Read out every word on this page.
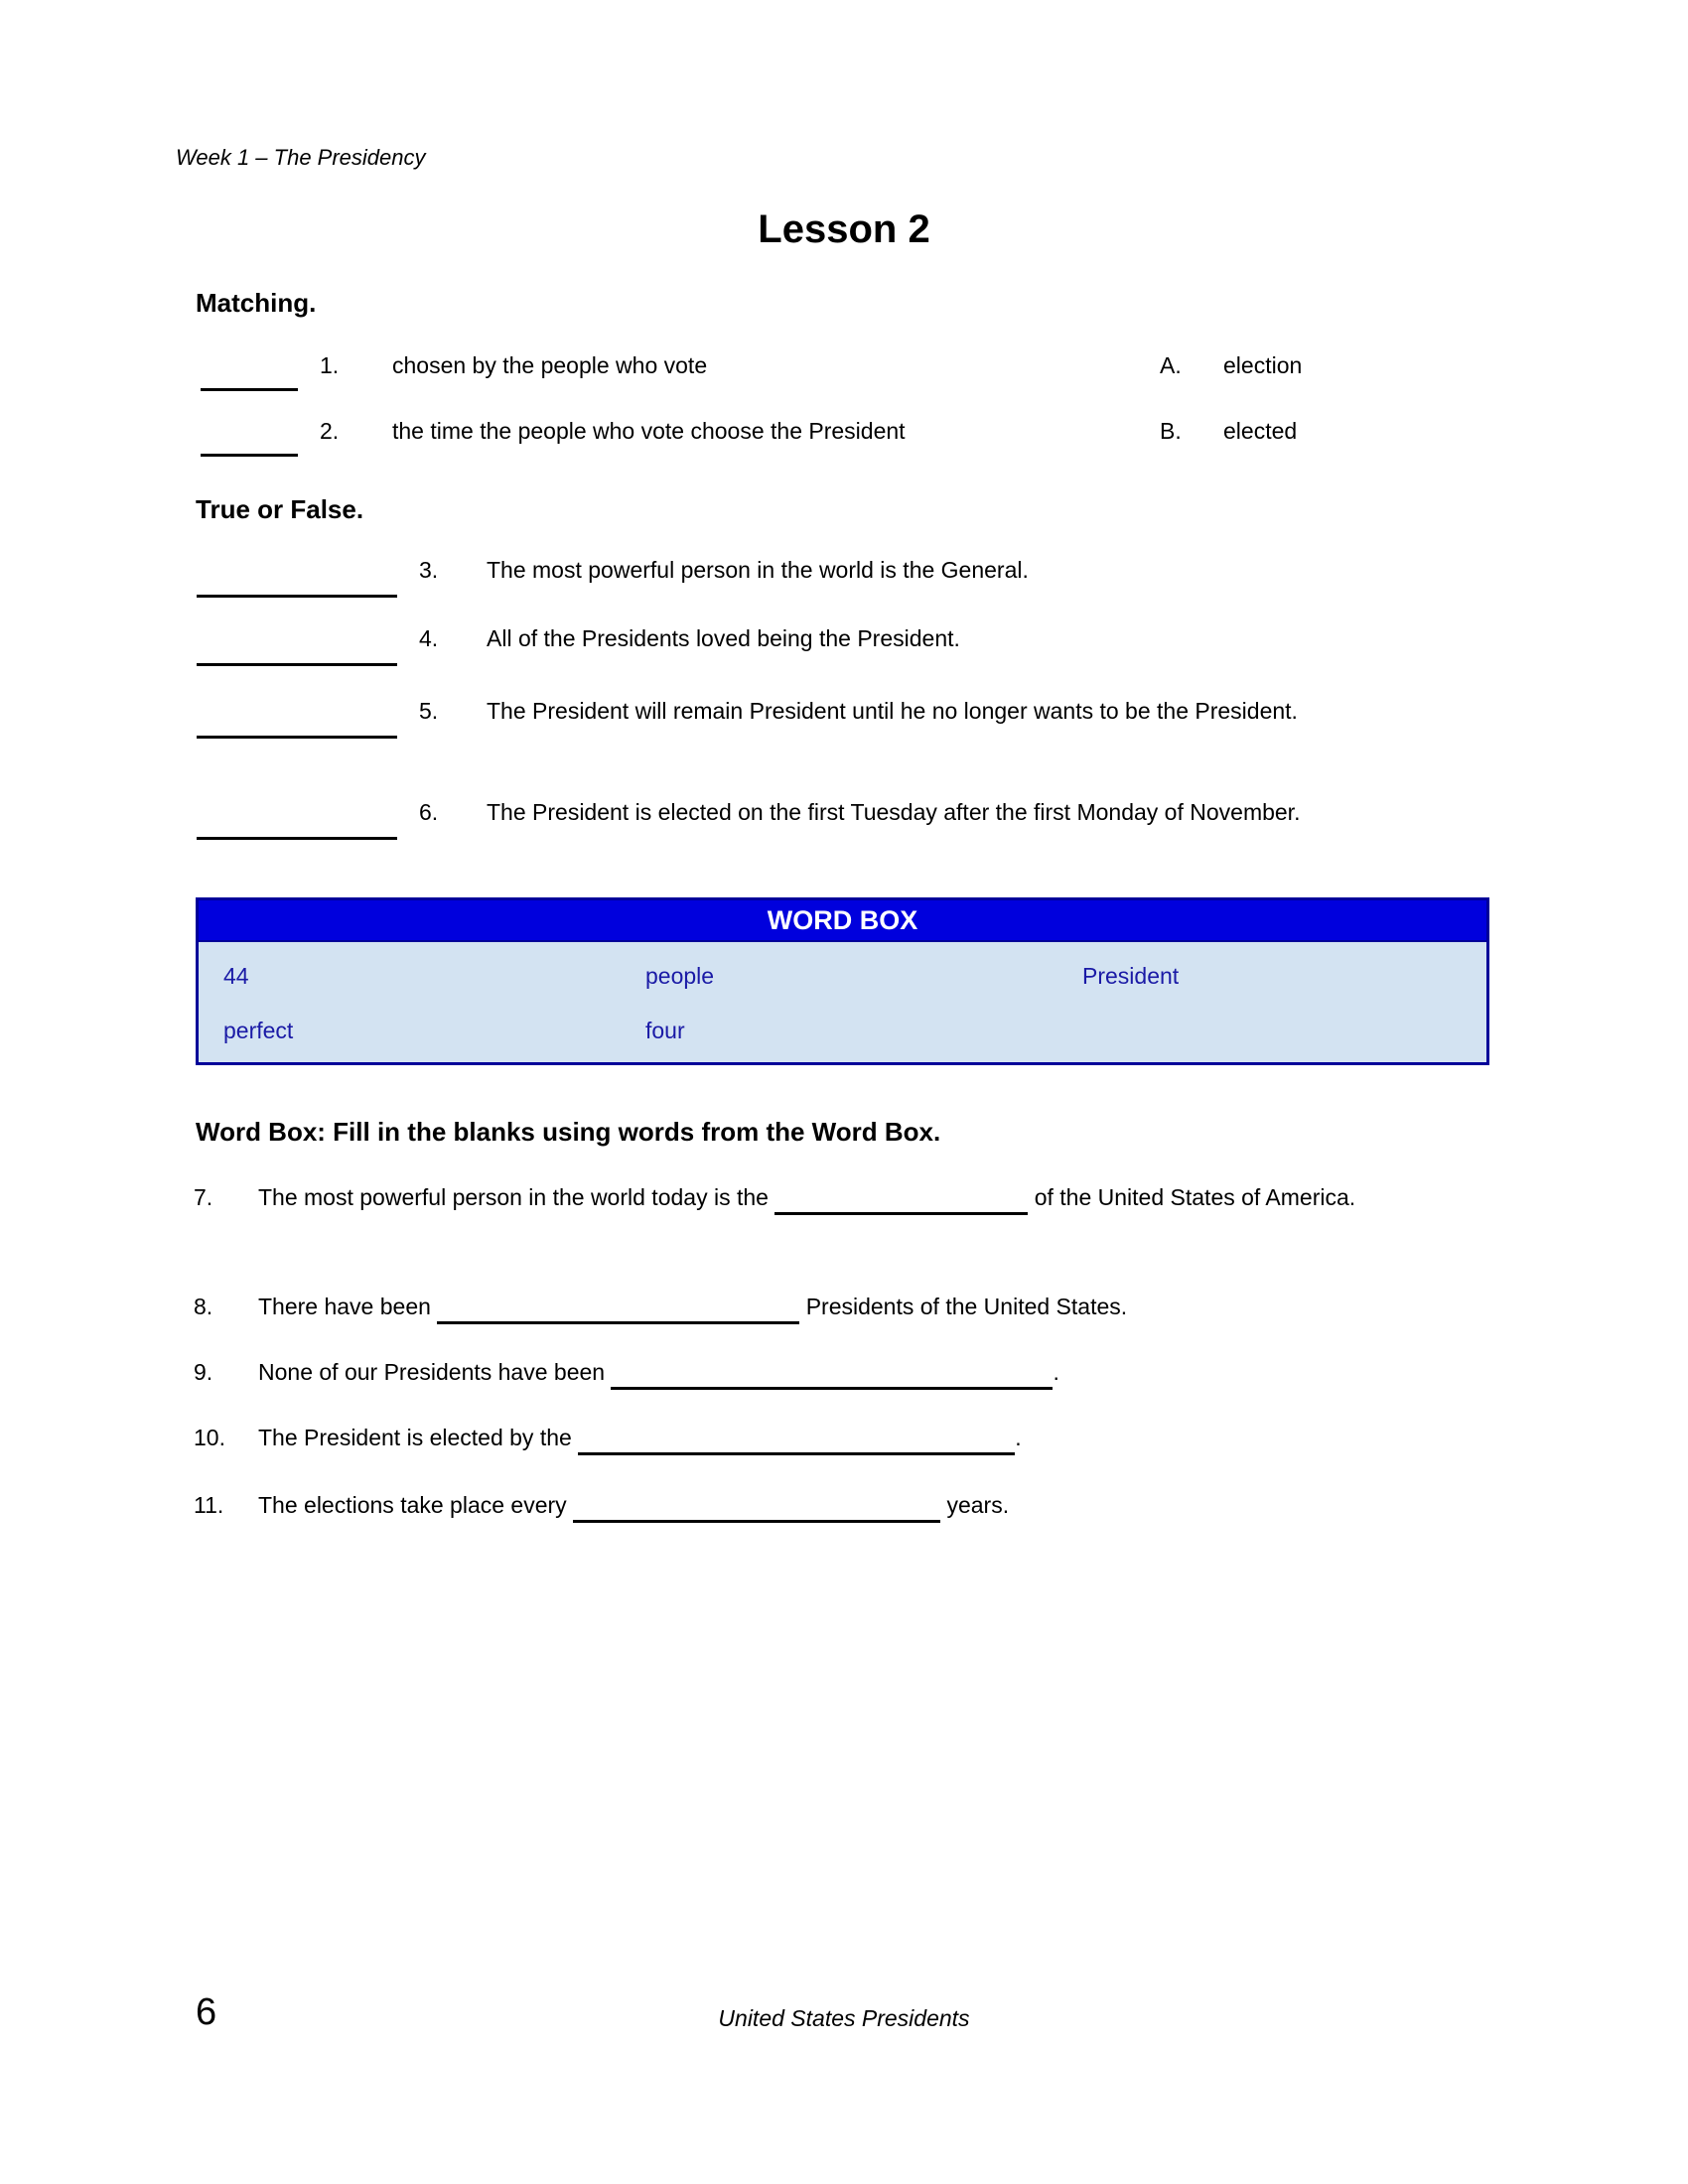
Week 1 – The Presidency
Lesson 2
Matching.
1. chosen by the people who vote	A. election
2. the time the people who vote choose the President	B. elected
True or False.
3. The most powerful person in the world is the General.
4. All of the Presidents loved being the President.
5. The President will remain President until he no longer wants to be the President.
6. The President is elected on the first Tuesday after the first Monday of November.
WORD BOX
44	people	President
perfect	four
Word Box: Fill in the blanks using words from the Word Box.
7. The most powerful person in the world today is the	of the United States of America.
8. There have been	Presidents of the United States.
9. None of our Presidents have been	.
10. The President is elected by the	.
11. The elections take place every	years.
6	United States Presidents
